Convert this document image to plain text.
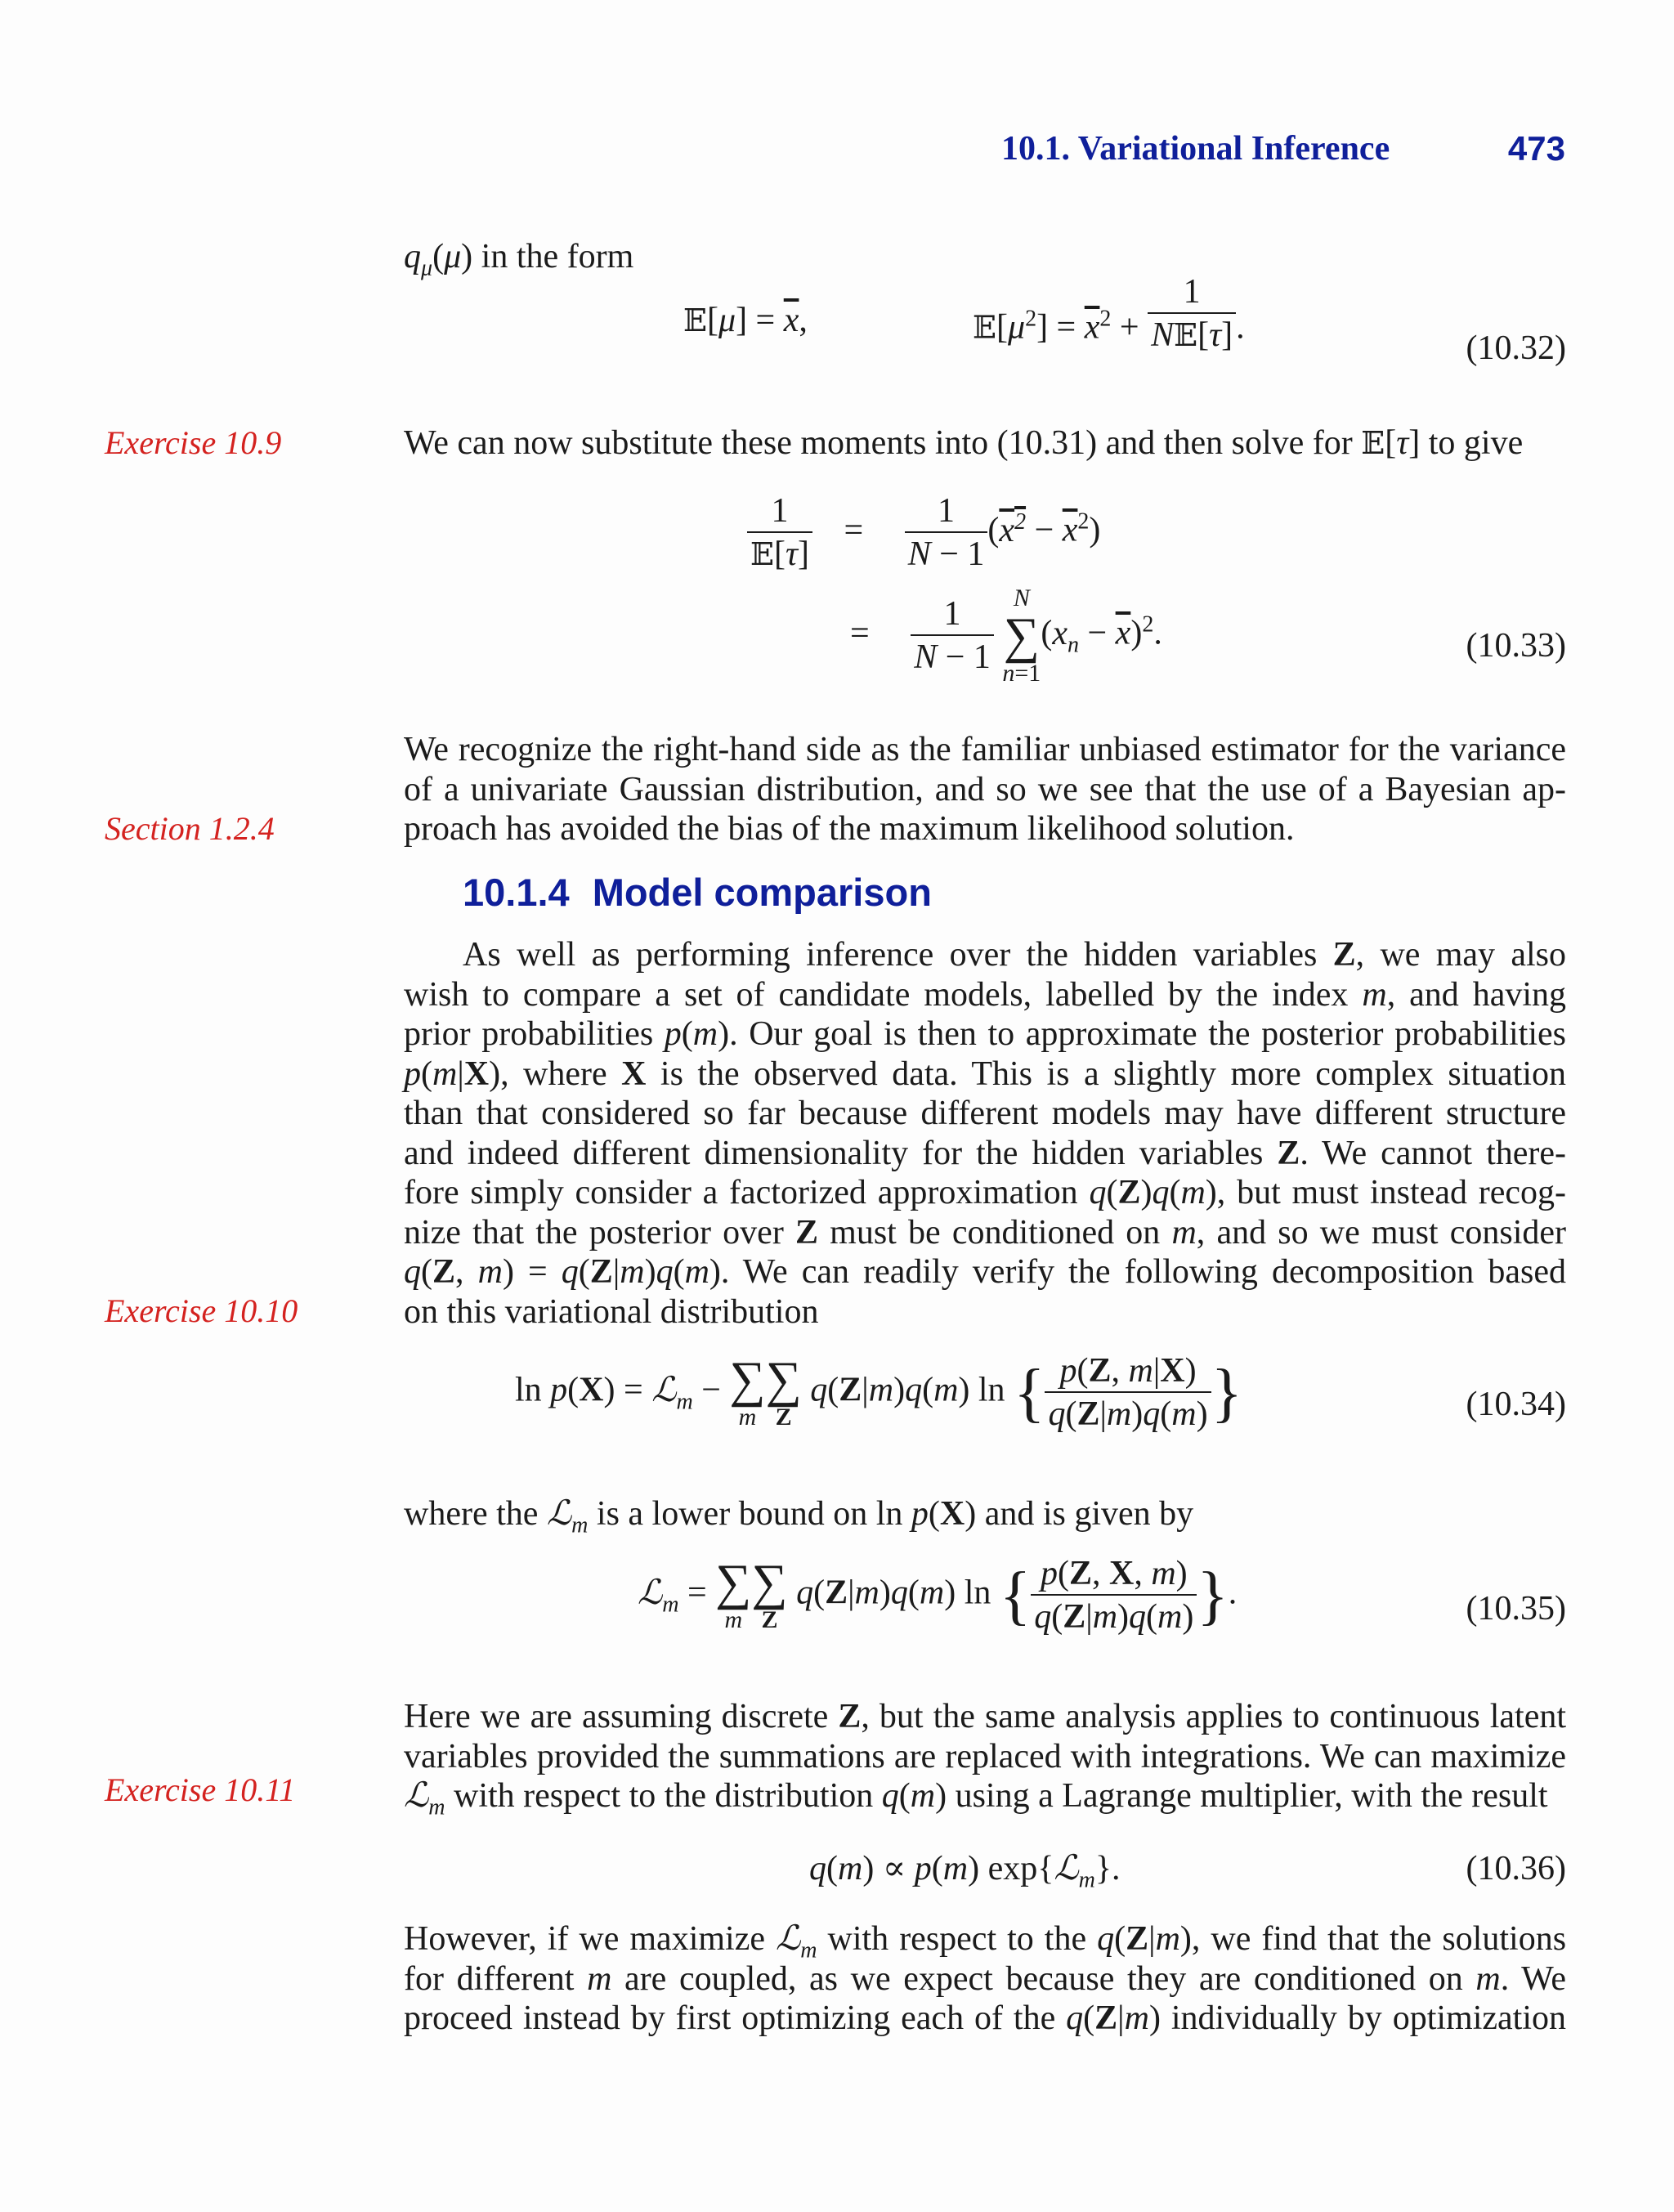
10.1. Variational Inference	473
Exercise 10.9
Section 1.2.4
Exercise 10.10
Exercise 10.11
$q_\mu(\mu)$ in the form
𝔼[μ] = $\overline{x}$,	$𝔼[\mu^2] = \overline{x}^2 + \frac{1}{\text{N𝔼[τ]}}$ .
(10.32)
We can now substitute these moments into (10.31) and then solve for 𝔼[τ] to give
$\frac{1}{\text{𝔼[τ]}} = \frac{1}{N - 1} (x^2 - \overline{x}^2)$
= $\frac{1}{N - 1}$
N
∑
n=1
$(x_n - \overline{x})^2$.	(10.33)
We recognize the right-hand side as the familiar unbiased estimator for the variance
of a univariate Gaussian distribution, and so we see that the use of a Bayesian ap-
proach has avoided the bias of the maximum likelihood solution.
10.1.4 Model comparison
As well as performing inference over the hidden variables Z, we may also
wish to compare a set of candidate models, labelled by the index m, and having
prior probabilities p(m). Our goal is then to approximate the posterior probabilities
p(m|X), where X is the observed data. This is a slightly more complex situation
than that considered so far because different models may have different structure
and indeed different dimensionality for the hidden variables Z. We cannot there-
fore simply consider a factorized approximation q(Z)q(m), but must instead recog-
nize that the posterior over Z must be conditioned on m, and so we must consider
q(Z, m) = q(Z|m)q(m). We can readily verify the following decomposition based
on this variational distribution
ln p(X) = ℒ$_m$ − ∑
m
∑
Z
q(Z|m)q(m) ln { $\frac{p(Z, m|X)}{q(Z|m)q(m)}$ }	(10.34)
where the ℒ$_m$ is a lower bound on ln p(X) and is given by
ℒ$_m$ = ∑
m
∑
Z
q(Z|m)q(m) ln { $\frac{p(Z, X, m)}{q(Z|m)q(m)}$ }.	(10.35)
Here we are assuming discrete Z, but the same analysis applies to continuous latent
variables provided the summations are replaced with integrations. We can maximize
ℒ$_m$ with respect to the distribution q(m) using a Lagrange multiplier, with the result
q(m) ∝ p(m) exp{ℒ$_m$}.	(10.36)
However, if we maximize ℒ$_m$ with respect to the q(Z|m), we find that the solutions
for different m are coupled, as we expect because they are conditioned on m. We
proceed instead by first optimizing each of the q(Z|m) individually by optimization
